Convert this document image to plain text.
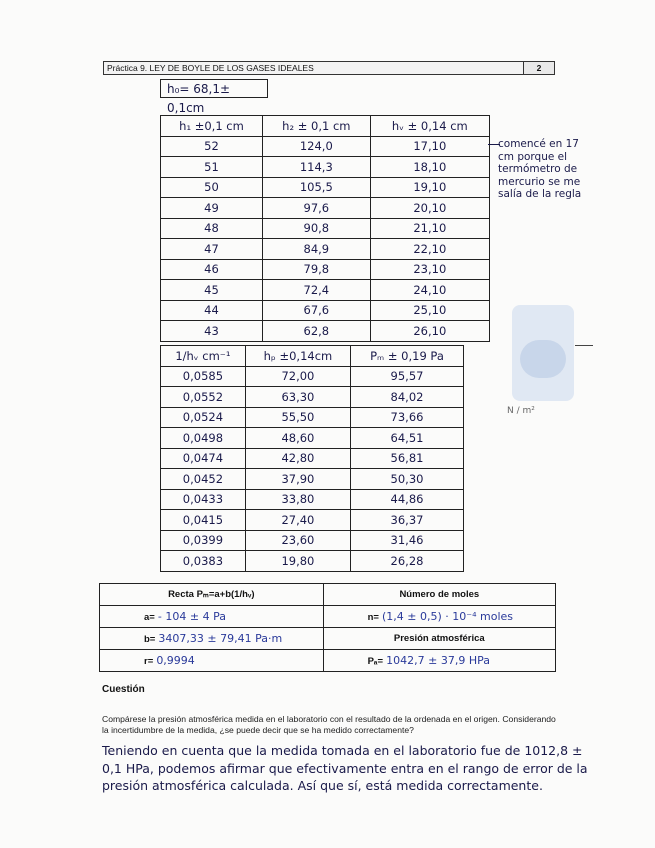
Práctica 9. LEY DE BOYLE DE LOS GASES IDEALES	2
h₀= 68,1± 0,1cm
h₁ ±0,1 cm	h₂ ± 0,1 cm	hᵥ ± 0,14 cm
52	124,0	17,10
51	114,3	18,10
50	105,5	19,10
49	97,6	20,10
48	90,8	21,10
47	84,9	22,10
46	79,8	23,10
45	72,4	24,10
44	67,6	25,10
43	62,8	26,10
comencé en 17 cm porque el termómetro de mercurio se me salía de la regla
N / m²
1/hᵥ cm⁻¹	hₚ ±0,14cm	Pₘ ± 0,19 Pa
0,0585	72,00	95,57
0,0552	63,30	84,02
0,0524	55,50	73,66
0,0498	48,60	64,51
0,0474	42,80	56,81
0,0452	37,90	50,30
0,0433	33,80	44,86
0,0415	27,40	36,37
0,0399	23,60	31,46
0,0383	19,80	26,28
Recta Pₘ=a+b(1/hᵥ)	Número de moles
a= - 104 ± 4 Pa	n= (1,4 ± 0,5) · 10⁻⁴ moles
b= 3407,33 ± 79,41 Pa·m	Presión atmosférica
r= 0,9994	Pₐ= 1042,7 ± 37,9 HPa
Cuestión
Compárese la presión atmosférica medida en el laboratorio con el resultado de la ordenada en el origen. Considerando la incertidumbre de la medida, ¿se puede decir que se ha medido correctamente?
Teniendo en cuenta que la medida tomada en el laboratorio fue de 1012,8 ± 0,1 HPa, podemos afirmar que efectivamente entra en el rango de error de la presión atmosférica calculada. Así que sí, está medida correctamente.
